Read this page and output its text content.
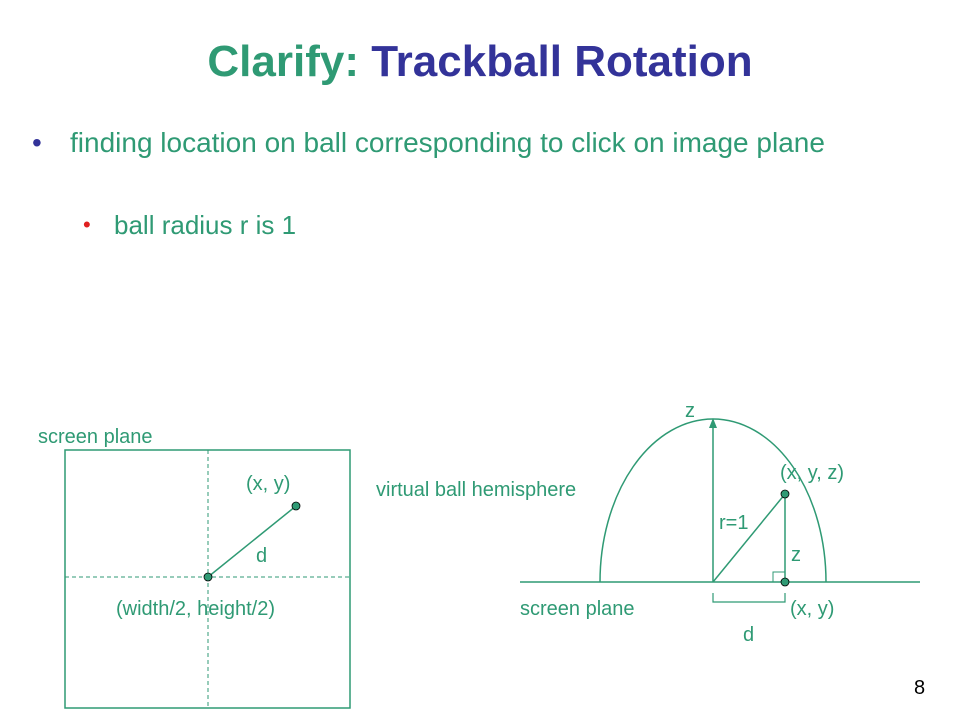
Clarify: Trackball Rotation
• finding location on ball corresponding to click on image plane
• ball radius r is 1
screen plane
(x, y)
d
(width/2, height/2)
z
(x, y, z)
virtual ball hemisphere
r=1
z
screen plane	(x, y)
d
8
